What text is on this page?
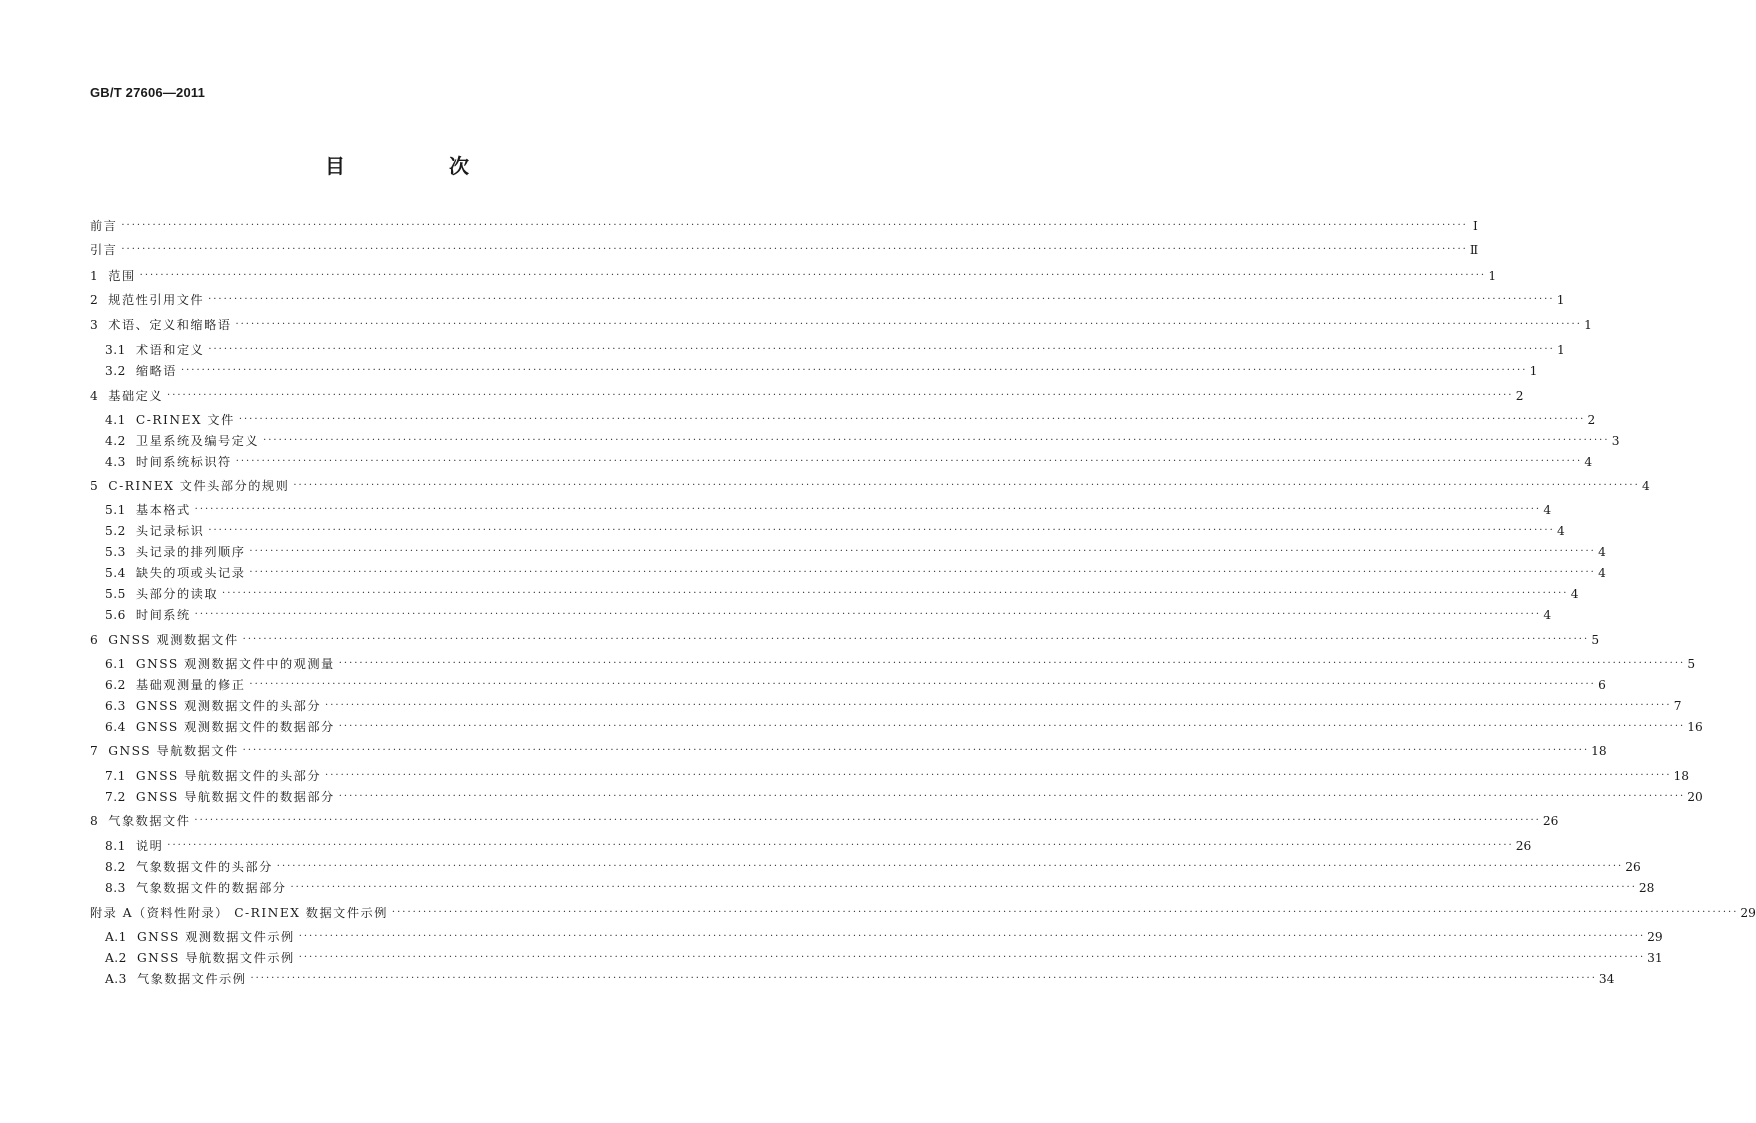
GB/T 27606—2011
目　次
前言 ···································································································································································································································································· Ⅰ
引言 ···································································································································································································································································· Ⅱ
1 范围 ···································································································································································································································································· 1
2 规范性引用文件 ···································································································································································································································································· 1
3 术语、定义和缩略语 ···································································································································································································································································· 1
3.1 术语和定义 ···································································································································································································································································· 1
3.2 缩略语 ···································································································································································································································································· 1
4 基础定义 ···································································································································································································································································· 2
4.1 C-RINEX 文件 ···································································································································································································································································· 2
4.2 卫星系统及编号定义 ···································································································································································································································································· 3
4.3 时间系统标识符 ···································································································································································································································································· 4
5 C-RINEX 文件头部分的规则 ···································································································································································································································································· 4
5.1 基本格式 ···································································································································································································································································· 4
5.2 头记录标识 ···································································································································································································································································· 4
5.3 头记录的排列顺序 ···································································································································································································································································· 4
5.4 缺失的项或头记录 ···································································································································································································································································· 4
5.5 头部分的读取 ···································································································································································································································································· 4
5.6 时间系统 ···································································································································································································································································· 4
6 GNSS 观测数据文件 ···································································································································································································································································· 5
6.1 GNSS 观测数据文件中的观测量 ···································································································································································································································································· 5
6.2 基础观测量的修正 ···································································································································································································································································· 6
6.3 GNSS 观测数据文件的头部分 ···································································································································································································································································· 7
6.4 GNSS 观测数据文件的数据部分 ···································································································································································································································································· 16
7 GNSS 导航数据文件 ···································································································································································································································································· 18
7.1 GNSS 导航数据文件的头部分 ···································································································································································································································································· 18
7.2 GNSS 导航数据文件的数据部分 ···································································································································································································································································· 20
8 气象数据文件 ···································································································································································································································································· 26
8.1 说明 ···································································································································································································································································· 26
8.2 气象数据文件的头部分 ···································································································································································································································································· 26
8.3 气象数据文件的数据部分 ···································································································································································································································································· 28
附录 A（资料性附录） C-RINEX 数据文件示例 ···································································································································································································································································· 29
A.1 GNSS 观测数据文件示例 ···································································································································································································································································· 29
A.2 GNSS 导航数据文件示例 ···································································································································································································································································· 31
A.3 气象数据文件示例 ···································································································································································································································································· 34
